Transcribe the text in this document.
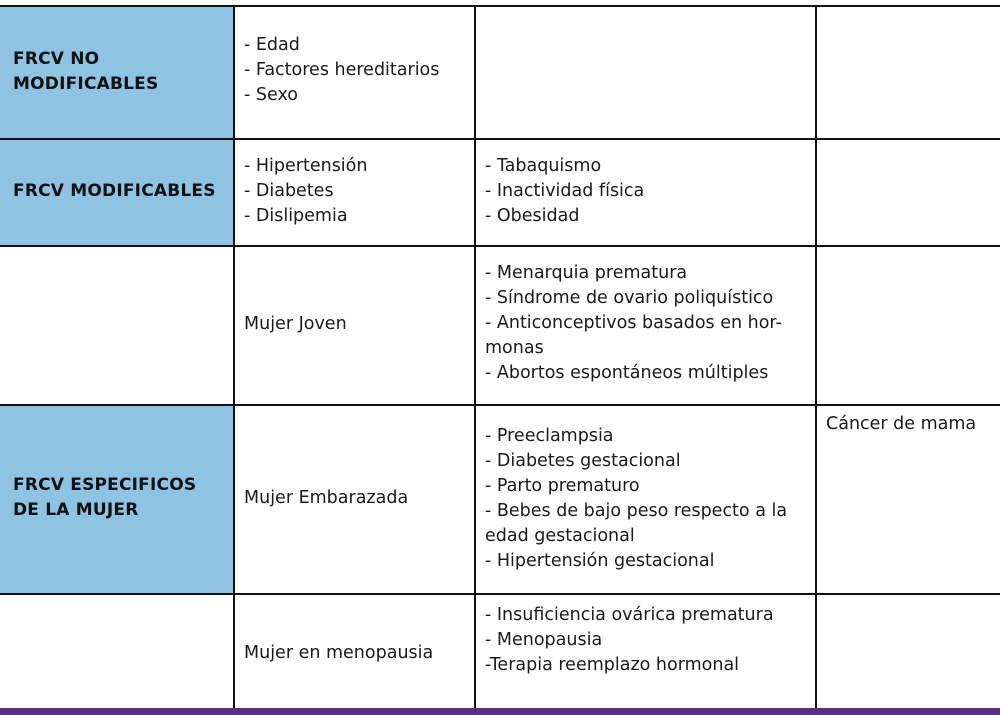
FRCV NO
MODIFICABLES
- Edad
- Factores hereditarios
- Sexo
FRCV MODIFICABLES
- Hipertensión
- Diabetes
- Dislipemia
- Tabaquismo
- Inactividad física
- Obesidad
Mujer Joven
- Menarquia prematura
- Síndrome de ovario poliquístico
- Anticonceptivos basados en hor-
monas
- Abortos espontáneos múltiples
FRCV ESPECIFICOS
DE LA MUJER
Mujer Embarazada
- Preeclampsia
- Diabetes gestacional
- Parto prematuro
- Bebes de bajo peso respecto a la
edad gestacional
- Hipertensión gestacional
Cáncer de mama
Mujer en menopausia
- Insuficiencia ovárica prematura
- Menopausia
-Terapia reemplazo hormonal
